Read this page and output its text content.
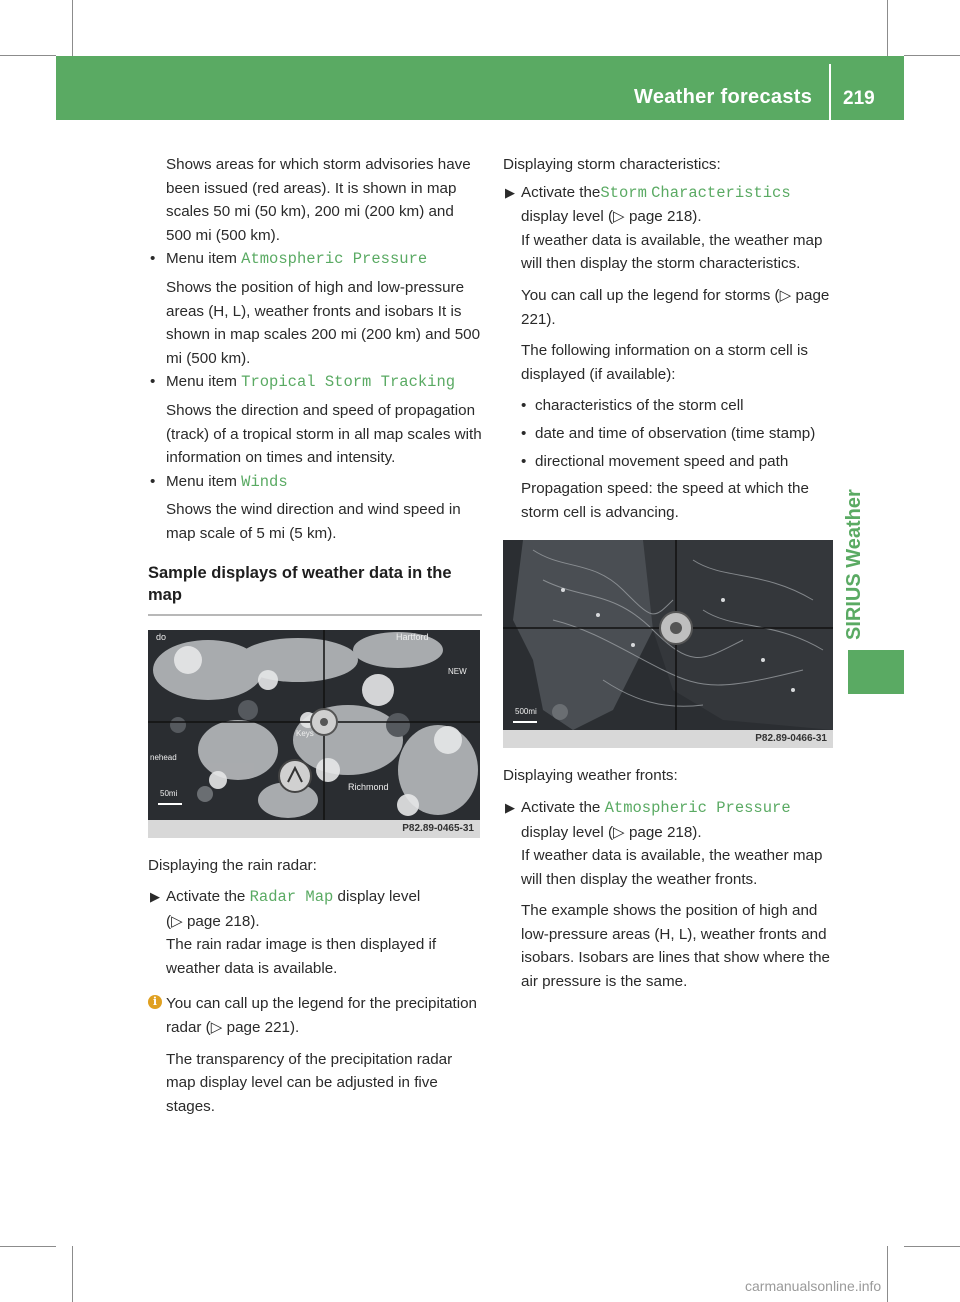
Weather forecasts 219
SIRIUS Weather
Shows areas for which storm advisories have been issued (red areas). It is shown in map scales 50 mi (50 km), 200 mi (200 km) and 500 mi (500 km).
• Menu item Atmospheric Pressure
Shows the position of high and low-pressure areas (H, L), weather fronts and isobars It is shown in map scales 200 mi (200 km) and 500 mi (500 km).
• Menu item Tropical Storm Tracking
Shows the direction and speed of propagation (track) of a tropical storm in all map scales with information on times and intensity.
• Menu item Winds
Shows the wind direction and wind speed in map scale of 5 mi (5 km).
Sample displays of weather data in the map
do	Hartford
Keys
Richmond
50mi
NEW
nehead
P82.89-0465-31
Displaying the rain radar:
▶ Activate the Radar Map display level
(▷ page 218).
The rain radar image is then displayed if weather data is available.
i You can call up the legend for the precipitation radar (▷ page 221).
The transparency of the precipitation radar map display level can be adjusted in five stages.
Displaying storm characteristics:
▶ Activate theStorm Characteristics display level (▷ page 218).
If weather data is available, the weather map will then display the storm characteristics.
You can call up the legend for storms (▷ page 221).
The following information on a storm cell is displayed (if available):
• characteristics of the storm cell
• date and time of observation (time stamp)
• directional movement speed and path
Propagation speed: the speed at which the storm cell is advancing.
500mi
P82.89-0466-31
Displaying weather fronts:
▶ Activate the Atmospheric Pressure display level (▷ page 218).
If weather data is available, the weather map will then display the weather fronts.
The example shows the position of high and low-pressure areas (H, L), weather fronts and isobars. Isobars are lines that show where the air pressure is the same.
carmanualsonline.info
